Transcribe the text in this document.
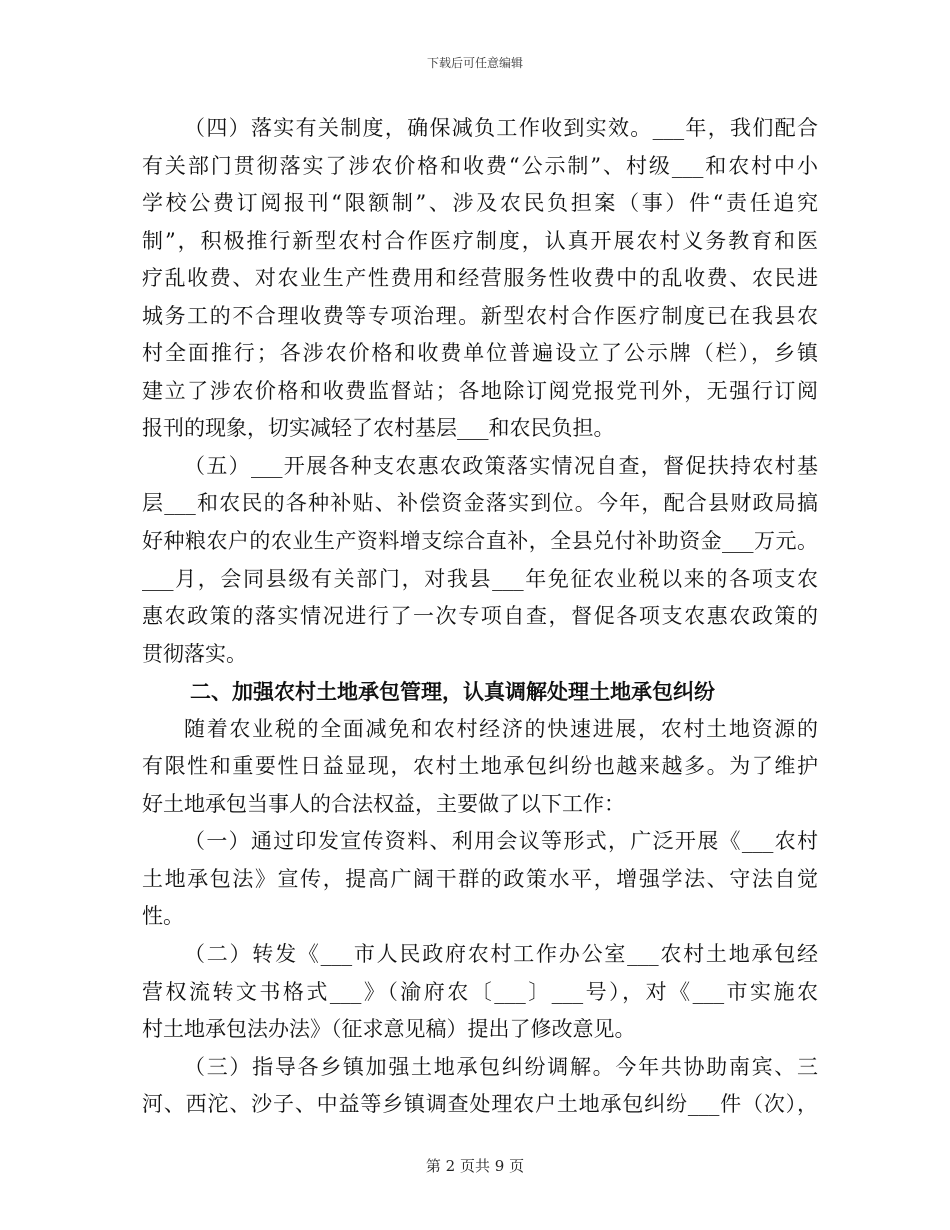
下载后可任意编辑
（四）落实有关制度，确保减负工作收到实效。___年，我们配合
有关部门贯彻落实了涉农价格和收费“公示制”、村级___和农村中小
学校公费订阅报刊“限额制”、涉及农民负担案（事）件“责任追究
制”，积极推行新型农村合作医疗制度，认真开展农村义务教育和医
疗乱收费、对农业生产性费用和经营服务性收费中的乱收费、农民进
城务工的不合理收费等专项治理。新型农村合作医疗制度已在我县农
村全面推行；各涉农价格和收费单位普遍设立了公示牌（栏），乡镇
建立了涉农价格和收费监督站；各地除订阅党报党刊外，无强行订阅
报刊的现象，切实减轻了农村基层___和农民负担。
（五）___开展各种支农惠农政策落实情况自查，督促扶持农村基
层___和农民的各种补贴、补偿资金落实到位。今年，配合县财政局搞
好种粮农户的农业生产资料增支综合直补，全县兑付补助资金___万元。
___月，会同县级有关部门，对我县___年免征农业税以来的各项支农
惠农政策的落实情况进行了一次专项自查，督促各项支农惠农政策的
贯彻落实。
二、加强农村土地承包管理，认真调解处理土地承包纠纷
随着农业税的全面减免和农村经济的快速进展，农村土地资源的
有限性和重要性日益显现，农村土地承包纠纷也越来越多。为了维护
好土地承包当事人的合法权益，主要做了以下工作：
（一）通过印发宣传资料、利用会议等形式，广泛开展《___农村
土地承包法》宣传，提高广阔干群的政策水平，增强学法、守法自觉
性。
（二）转发《___市人民政府农村工作办公室___农村土地承包经
营权流转文书格式___》（渝府农〔___〕___号），对《___市实施农
村土地承包法办法》（征求意见稿）提出了修改意见。
（三）指导各乡镇加强土地承包纠纷调解。今年共协助南宾、三
河、西沱、沙子、中益等乡镇调查处理农户土地承包纠纷___件（次），
第 2 页共 9 页
